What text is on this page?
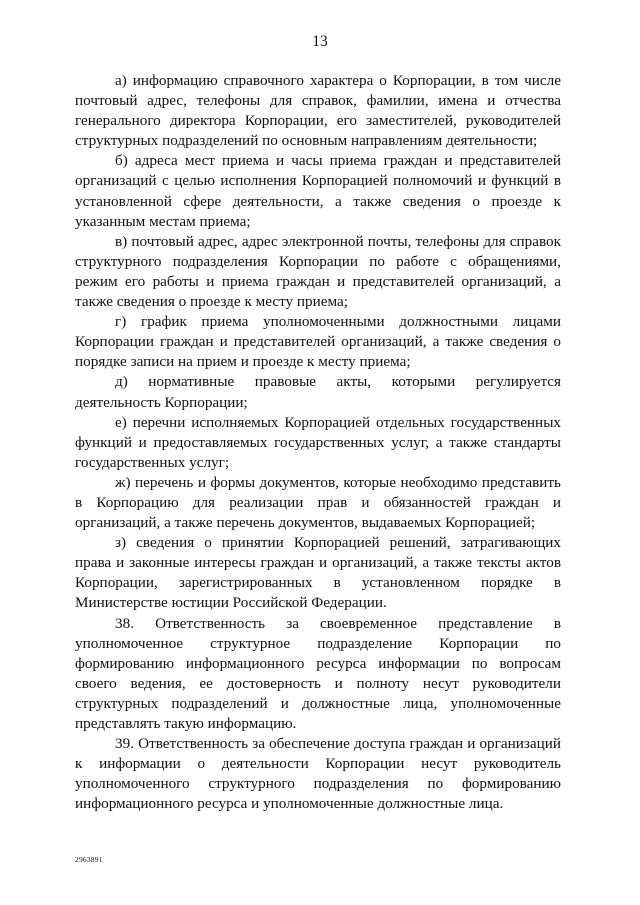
13

а) информацию справочного характера о Корпорации, в том числе почтовый адрес, телефоны для справок, фамилии, имена и отчества генерального директора Корпорации, его заместителей, руководителей структурных подразделений по основным направлениям деятельности;

б) адреса мест приема и часы приема граждан и представителей организаций с целью исполнения Корпорацией полномочий и функций в установленной сфере деятельности, а также сведения о проезде к указанным местам приема;

в) почтовый адрес, адрес электронной почты, телефоны для справок структурного подразделения Корпорации по работе с обращениями, режим его работы и приема граждан и представителей организаций, а также сведения о проезде к месту приема;

г) график приема уполномоченными должностными лицами Корпорации граждан и представителей организаций, а также сведения о порядке записи на прием и проезде к месту приема;

д) нормативные правовые акты, которыми регулируется деятельность Корпорации;

е) перечни исполняемых Корпорацией отдельных государственных функций и предоставляемых государственных услуг, а также стандарты государственных услуг;

ж) перечень и формы документов, которые необходимо представить в Корпорацию для реализации прав и обязанностей граждан и организаций, а также перечень документов, выдаваемых Корпорацией;

з) сведения о принятии Корпорацией решений, затрагивающих права и законные интересы граждан и организаций, а также тексты актов Корпорации, зарегистрированных в установленном порядке в Министерстве юстиции Российской Федерации.

38. Ответственность за своевременное представление в уполномоченное структурное подразделение Корпорации по формированию информационного ресурса информации по вопросам своего ведения, ее достоверность и полноту несут руководители структурных подразделений и должностные лица, уполномоченные представлять такую информацию.

39. Ответственность за обеспечение доступа граждан и организаций к информации о деятельности Корпорации несут руководитель уполномоченного структурного подразделения по формированию информационного ресурса и уполномоченные должностные лица.

2963891
